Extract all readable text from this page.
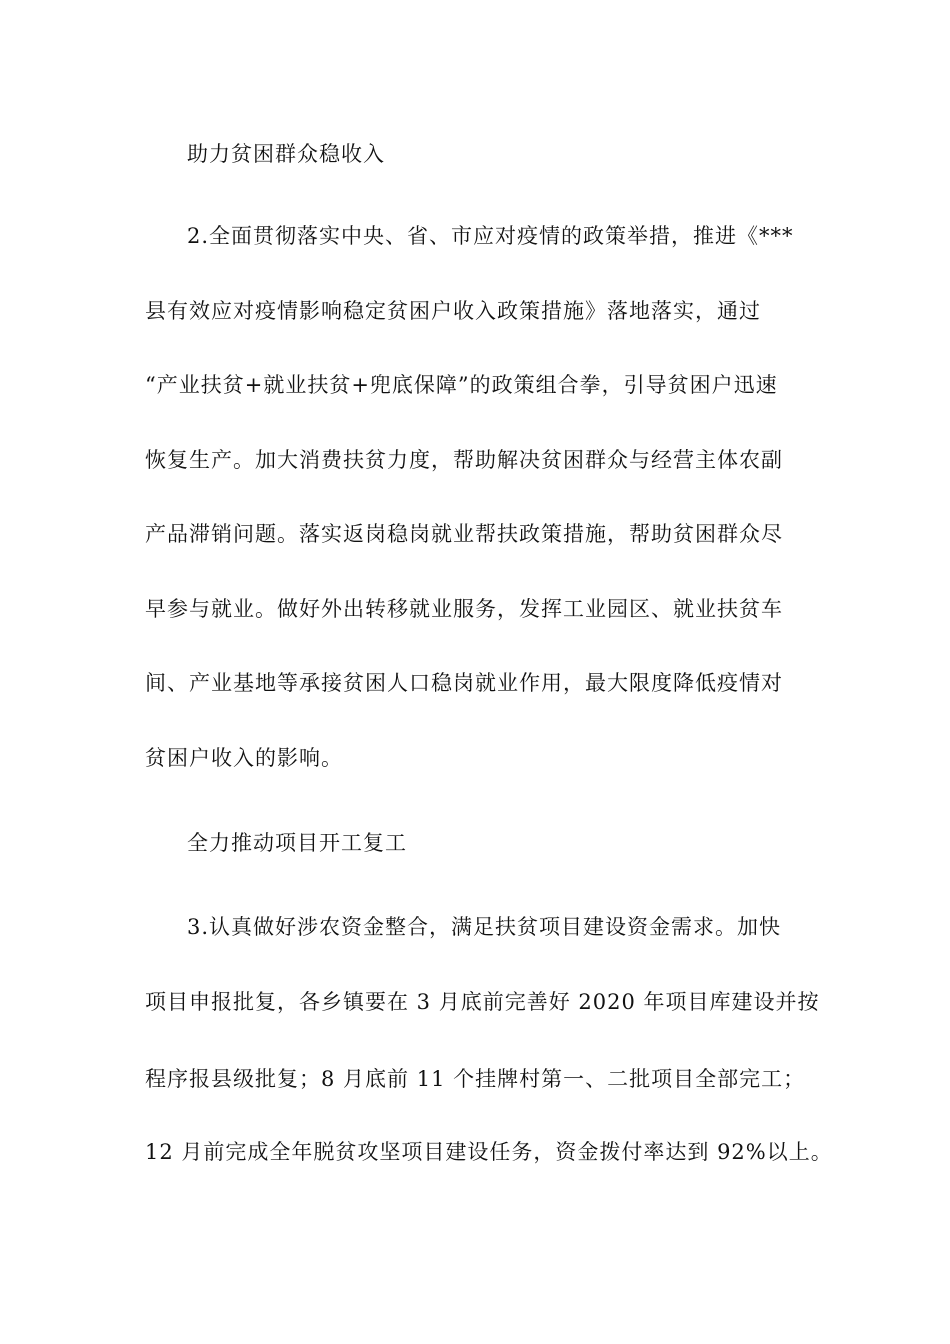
助力贫困群众稳收入
2.全面贯彻落实中央、省、市应对疫情的政策举措，推进《***
县有效应对疫情影响稳定贫困户收入政策措施》落地落实，通过
“产业扶贫+就业扶贫+兜底保障”的政策组合拳，引导贫困户迅速
恢复生产。加大消费扶贫力度，帮助解决贫困群众与经营主体农副
产品滞销问题。落实返岗稳岗就业帮扶政策措施，帮助贫困群众尽
早参与就业。做好外出转移就业服务，发挥工业园区、就业扶贫车
间、产业基地等承接贫困人口稳岗就业作用，最大限度降低疫情对
贫困户收入的影响。
全力推动项目开工复工
3.认真做好涉农资金整合，满足扶贫项目建设资金需求。加快
项目申报批复，各乡镇要在 3 月底前完善好 2020 年项目库建设并按
程序报县级批复；8 月底前 11 个挂牌村第一、二批项目全部完工；
12 月前完成全年脱贫攻坚项目建设任务，资金拨付率达到 92%以上。
